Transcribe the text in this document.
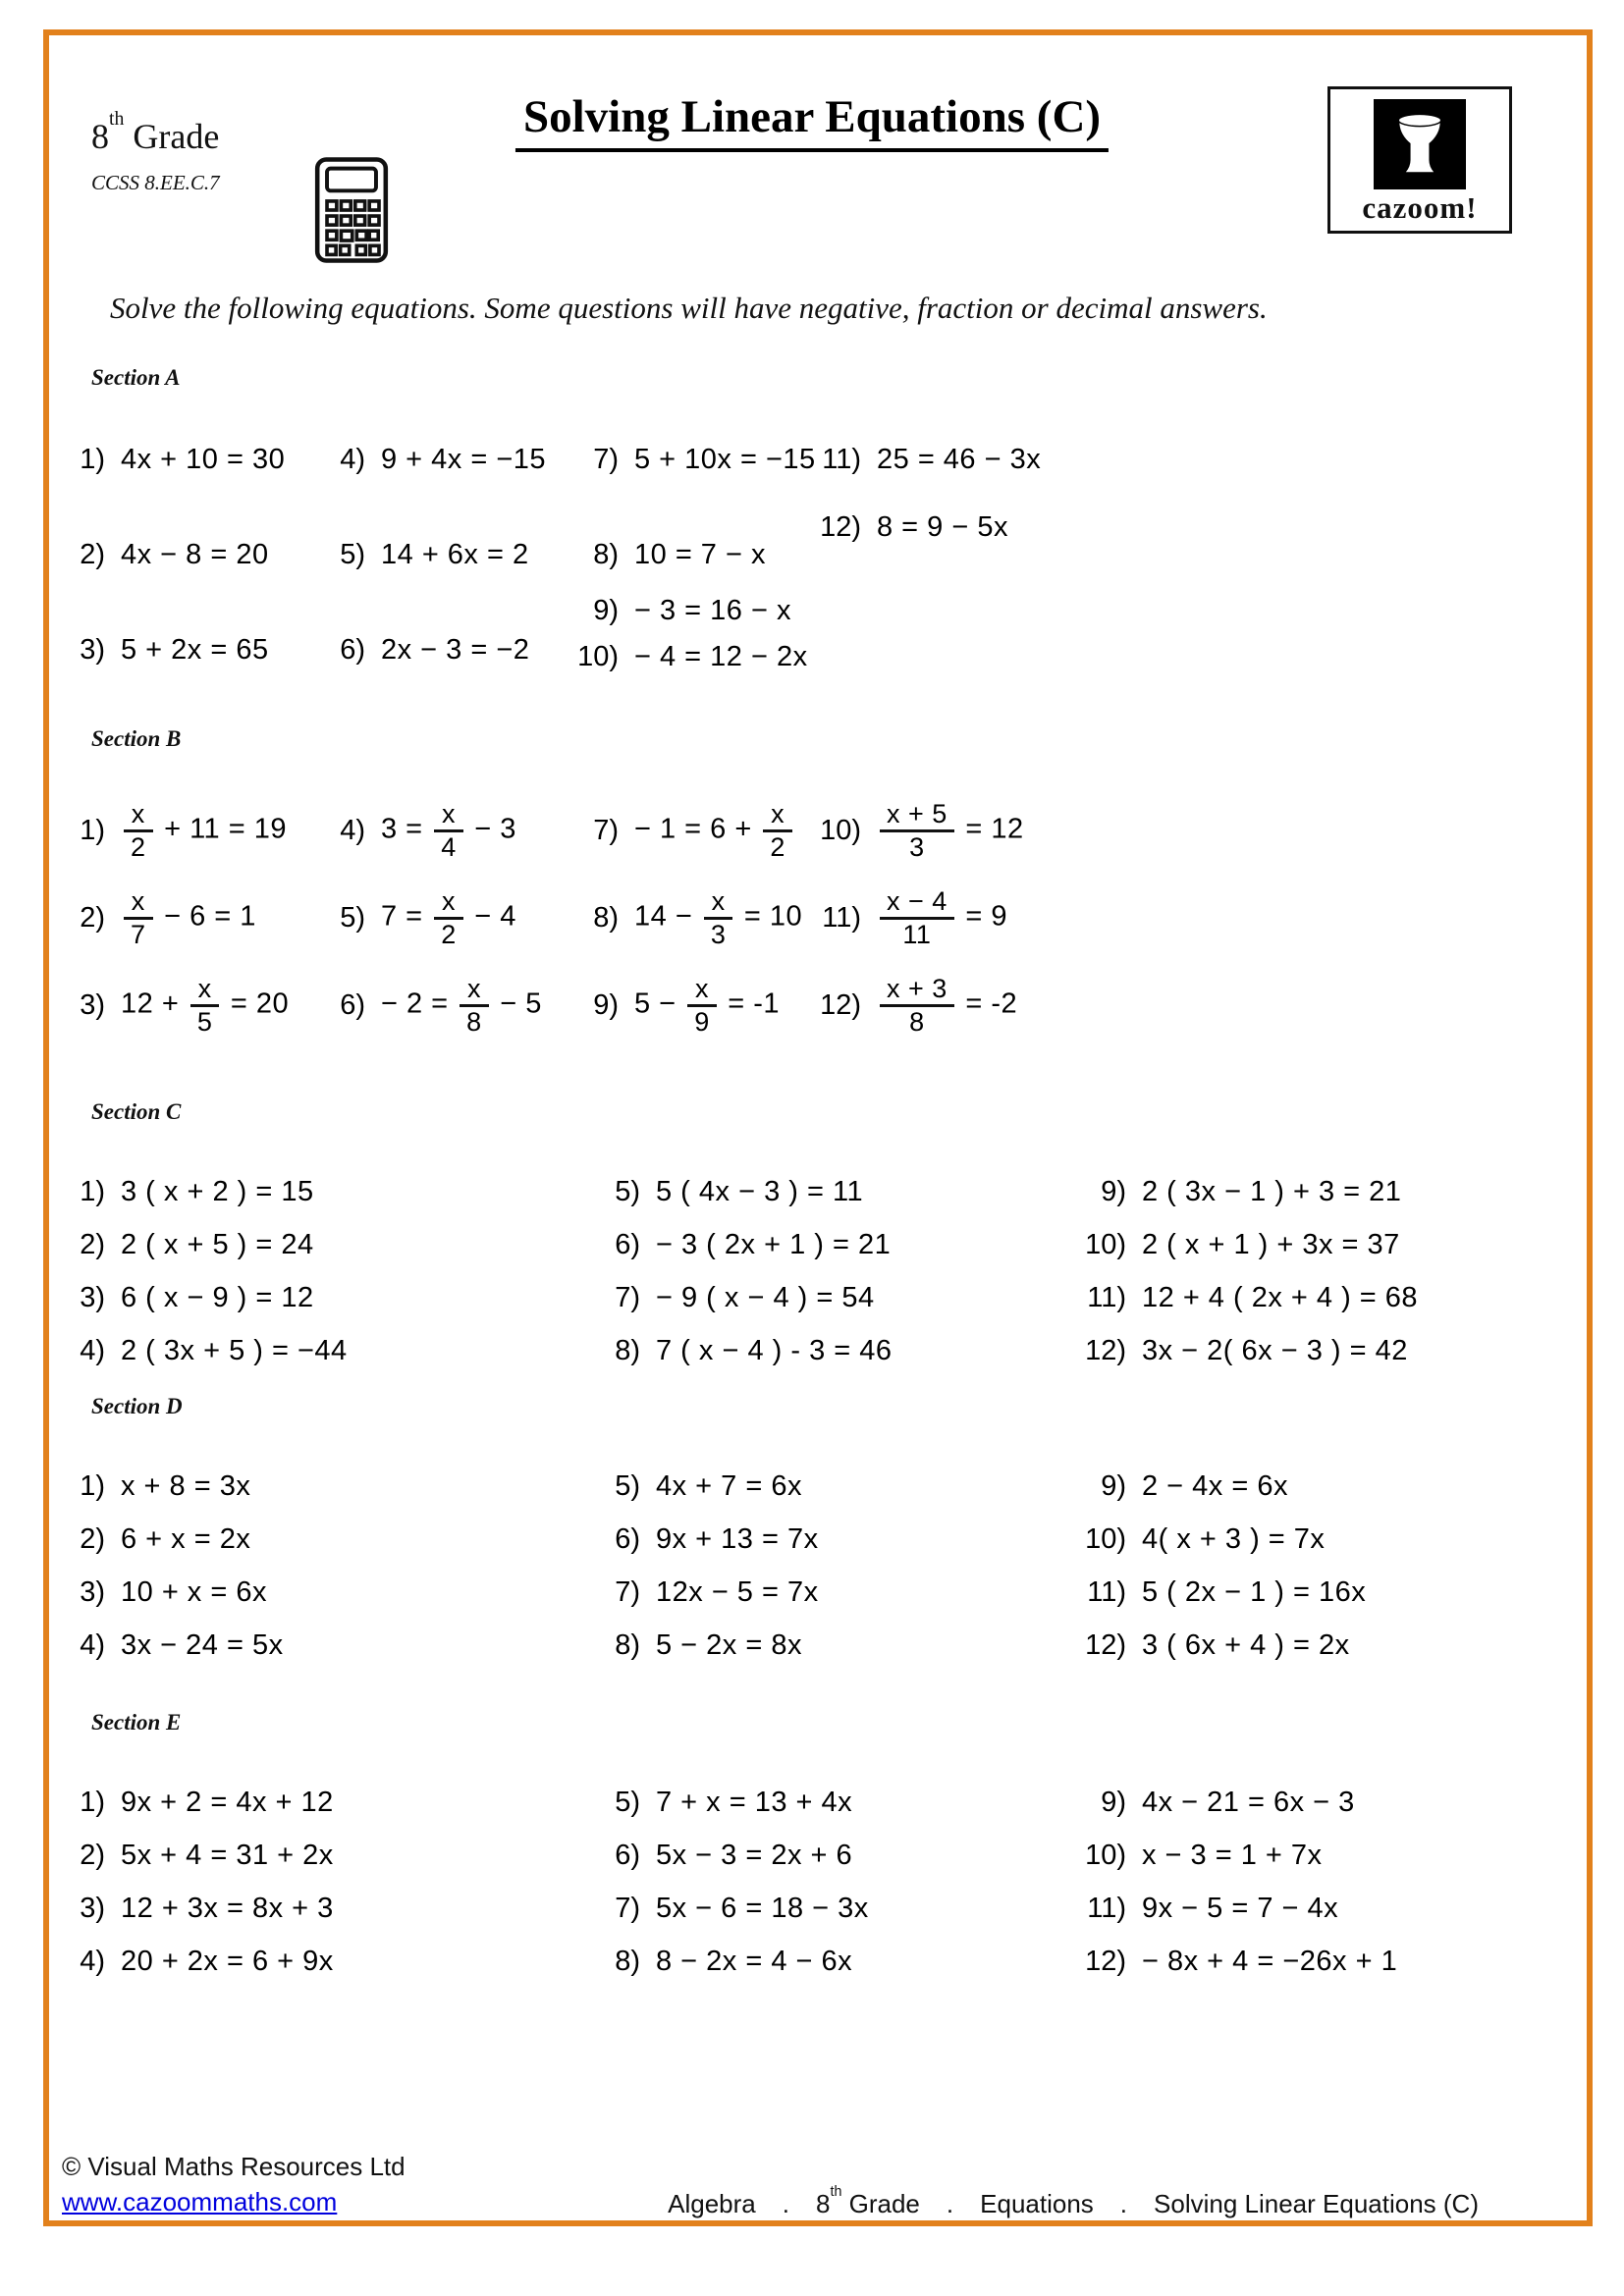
8th Grade
CCSS 8.EE.C.7
Solving Linear Equations (C)
cazoom!
Solve the following equations. Some questions will have negative, fraction or decimal answers.
Section A
Section B
Section C
Section D
Section E
1) 4x + 10 = 30
2) 4x − 8 = 20
3) 5 + 2x = 65
4) 9 + 4x = −15
5) 14 + 6x = 2
6) 2x − 3 = −2
7) 5 + 10x = −15
8) 10 = 7 − x
9) − 3 = 16 − x
10) − 4 = 12 − 2x
11) 25 = 46 − 3x
12) 8 = 9 − 5x
$1) \frac{x}{2} + 11 = 19$
$2) \frac{x}{7} - 6 = 1$
3) $12 + \frac{x}{5} = 20$
4) $3 = \frac{x}{4} - 3$
5) $7 = \frac{x}{2} - 4$
$6) - 2 = \frac{x}{8} - 5$
$7) - 1 = 6 + \frac{x}{2}$
8) $14 - \frac{x}{3} = 10$
9) $5 - \frac{x}{9} = -1$
$10) \frac{x + 5}{3} = 12$
$11) \frac{x - 4}{11} = 9$
$12) \frac{x + 3}{8} = -2$
1) 3 ( x + 2 ) = 15
2) 2 ( x + 5 ) = 24
3) 6 ( x − 9 ) = 12
4) 2 ( 3x + 5 ) = −44
5) 5 ( 4x − 3 ) = 11
6) − 3 ( 2x + 1 ) = 21
7) − 9 ( x − 4 ) = 54
8) 7 ( x − 4 ) - 3 = 46
9) 2 ( 3x − 1 ) + 3 = 21
10) 2 ( x + 1 ) + 3x = 37
11) 12 + 4 ( 2x + 4 ) = 68
12) 3x − 2( 6x − 3 ) = 42
1) x + 8 = 3x
2) 6 + x = 2x
3) 10 + x = 6x
4) 3x − 24 = 5x
5) 4x + 7 = 6x
6) 9x + 13 = 7x
7) 12x − 5 = 7x
8) 5 − 2x = 8x
9) 2 − 4x = 6x
10) 4( x + 3 ) = 7x
11) 5 ( 2x − 1 ) = 16x
12) 3 ( 6x + 4 ) = 2x
1) 9x + 2 = 4x + 12
2) 5x + 4 = 31 + 2x
3) 12 + 3x = 8x + 3
4) 20 + 2x = 6 + 9x
5) 7 + x = 13 + 4x
6) 5x − 3 = 2x + 6
7) 5x − 6 = 18 − 3x
8) 8 − 2x = 4 − 6x
9) 4x − 21 = 6x − 3
10) x − 3 = 1 + 7x
11) 9x − 5 = 7 − 4x
12) − 8x + 4 = −26x + 1
© Visual Maths Resources Ltd
www.cazoommaths.com	Algebra . 8th Grade . Equations . Solving Linear Equations (C)
